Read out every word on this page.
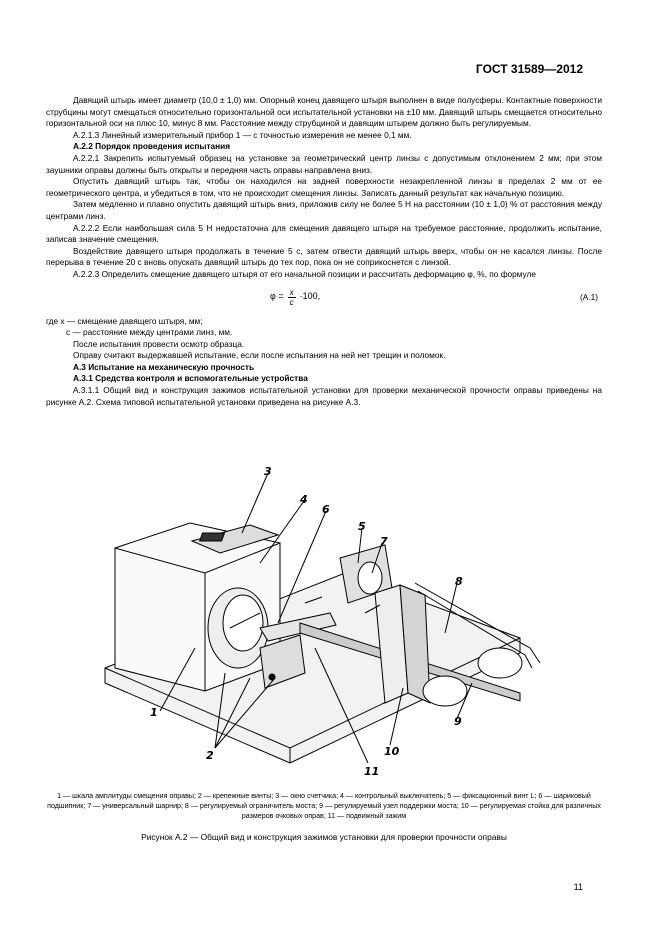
ГОСТ 31589—2012

Давящий штырь имеет диаметр (10,0 ± 1,0) мм. Опорный конец давящего штыря выполнен в виде полусферы. Контактные поверхности струбцины могут смещаться относительно горизонтальной оси испытательной установки на ±10 мм. Давящий штырь смещается относительно горизонтальной оси на плюс 10, минус 8 мм. Расстояние между струбциной и давящим штырем должно быть регулируемым.

А.2.1.3 Линейный измерительный прибор 1 — с точностью измерения не менее 0,1 мм.

А.2.2 Порядок проведения испытания

А.2.2.1 Закрепить испытуемый образец на установке за геометрический центр линзы с допустимым отклонением 2 мм; при этом заушники оправы должны быть открыты и передняя часть оправы направлена вниз.

Опустить давящий штырь так, чтобы он находился на задней поверхности незакрепленной линзы в пределах 2 мм от ее геометрического центра, и убедиться в том, что не происходит смещения линзы. Записать данный результат как начальную позицию.

Затем медленно и плавно опустить давящий штырь вниз, приложив силу не более 5 Н на расстоянии (10 ± 1,0) % от расстояния между центрами линз.

А.2.2.2 Если наибольшая сила 5 Н недостаточна для смещения давящего штыря на требуемое расстояние, продолжить испытание, записав значение смещения.

Воздействие давящего штыря продолжать в течение 5 с, затем отвести давящий штырь вверх, чтобы он не касался линзы. После перерыва в течение 20 с вновь опускать давящий штырь до тех пор, пока он не соприкоснется с линзой.

А.2.2.3 Определить смещение давящего штыря от его начальной позиции и рассчитать деформацию φ, %, по формуле

$\varphi = \frac{x}{c} \cdot 100$,	(А.1)

где x — смещение давящего штыря, мм;

c — расстояние между центрами линз, мм.

После испытания провести осмотр образца.

Оправу считают выдержавшей испытание, если после испытания на ней нет трещин и поломок.

А.3 Испытание на механическую прочность

А.3.1 Средства контроля и вспомогательные устройства

А.3.1.1 Общий вид и конструкция зажимов испытательной установки для проверки механической прочности оправы приведены на рисунке А.2. Схема типовой испытательной установки приведена на рисунке А.3.

1
2
3
4
5
6
7
8
9
10
11
1 — шкала амплитуды смещения оправы; 2 — крепежные винты; 3 — окно счетчика; 4 — контрольный выключатель; 5 — фиксационный винт L; 6 — шариковый подшипник; 7 — универсальный шарнир; 8 — регулируемый ограничитель моста; 9 — регулируемый узел поддержки моста; 10 — регулируемая стойка для различных размеров очковых оправ; 11 — подвижный зажим
Рисунок А.2 — Общий вид и конструкция зажимов установки для проверки прочности оправы
11
